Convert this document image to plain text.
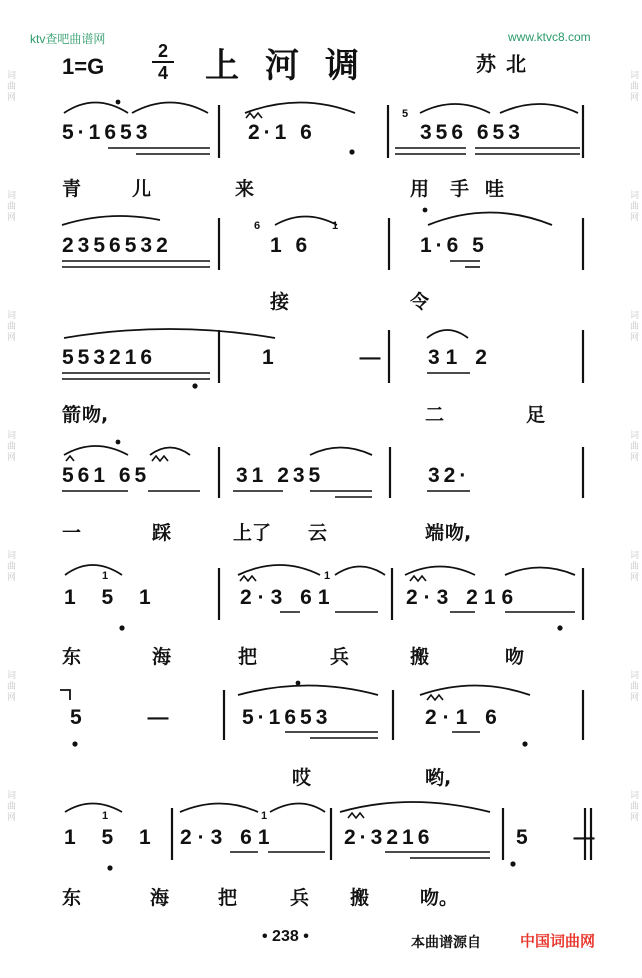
词曲网
词曲网
词曲网
词曲网
词曲网
词曲网
词曲网
词曲网
词曲网
词曲网
词曲网
词曲网
词曲网
词曲网
ktv查吧曲谱网	www.ktvc8.com
1=G
2
4 上河调	苏北
5·1653	2·1 6	356 653
5
2356532	1 6	1·6 5
6	1
553216	1 — 31 2
561 65	31 235	32·
1 5 1	2·3 61	2·3 216
1	1
5 — 5·1653	2·1 6
1 5 1 2·3 61	2·3216	5 —
1	1
青	儿	来	用 手 哇
接	令
箭 吻,	二	足
一	踩	上了 云	端 吻,
东	海	把	兵	搬	吻
哎	哟,
东	海	把	兵 搬	吻。
• 238 •	本曲谱源自	中国词曲网
